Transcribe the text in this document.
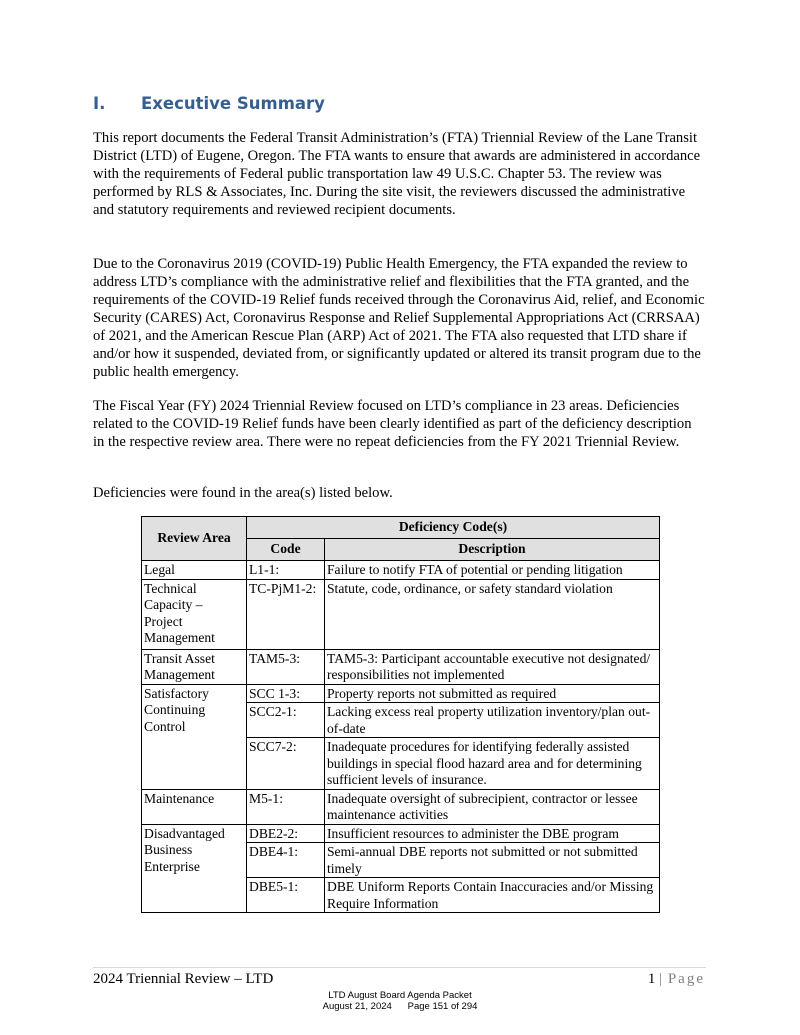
I. Executive Summary

This report documents the Federal Transit Administration’s (FTA) Triennial Review of the Lane Transit District (LTD) of Eugene, Oregon. The FTA wants to ensure that awards are administered in accordance with the requirements of Federal public transportation law 49 U.S.C. Chapter 53. The review was performed by RLS & Associates, Inc. During the site visit, the reviewers discussed the administrative and statutory requirements and reviewed recipient documents.

Due to the Coronavirus 2019 (COVID-19) Public Health Emergency, the FTA expanded the review to address LTD’s compliance with the administrative relief and flexibilities that the FTA granted, and the requirements of the COVID-19 Relief funds received through the Coronavirus Aid, relief, and Economic Security (CARES) Act, Coronavirus Response and Relief Supplemental Appropriations Act (CRRSAA) of 2021, and the American Rescue Plan (ARP) Act of 2021. The FTA also requested that LTD share if and/or how it suspended, deviated from, or significantly updated or altered its transit program due to the public health emergency.

The Fiscal Year (FY) 2024 Triennial Review focused on LTD’s compliance in 23 areas. Deficiencies related to the COVID-19 Relief funds have been clearly identified as part of the deficiency description in the respective review area. There were no repeat deficiencies from the FY 2021 Triennial Review.

Deficiencies were found in the area(s) listed below.

Review Area	Deficiency Code(s)	
	Code	Description
Legal	L1-1:	Failure to notify FTA of potential or pending litigation
Technical Capacity – Project Management	TC-PjM1-2:	Statute, code, ordinance, or safety standard violation
Transit Asset Management	TAM5-3:	TAM5-3: Participant accountable executive not designated/ responsibilities not implemented
Satisfactory Continuing Control	SCC 1-3:	Property reports not submitted as required
	SCC2-1:	Lacking excess real property utilization inventory/plan out-of-date
	SCC7-2:	Inadequate procedures for identifying federally assisted buildings in special flood hazard area and for determining sufficient levels of insurance.
Maintenance	M5-1:	Inadequate oversight of subrecipient, contractor or lessee maintenance activities
Disadvantaged Business Enterprise	DBE2-2:	Insufficient resources to administer the DBE program
	DBE4-1:	Semi-annual DBE reports not submitted or not submitted timely
	DBE5-1:	DBE Uniform Reports Contain Inaccuracies and/or Missing Require Information
2024 Triennial Review – LTD	1 | Page
LTD August Board Agenda Packet
August 21, 2024 Page 151 of 294
